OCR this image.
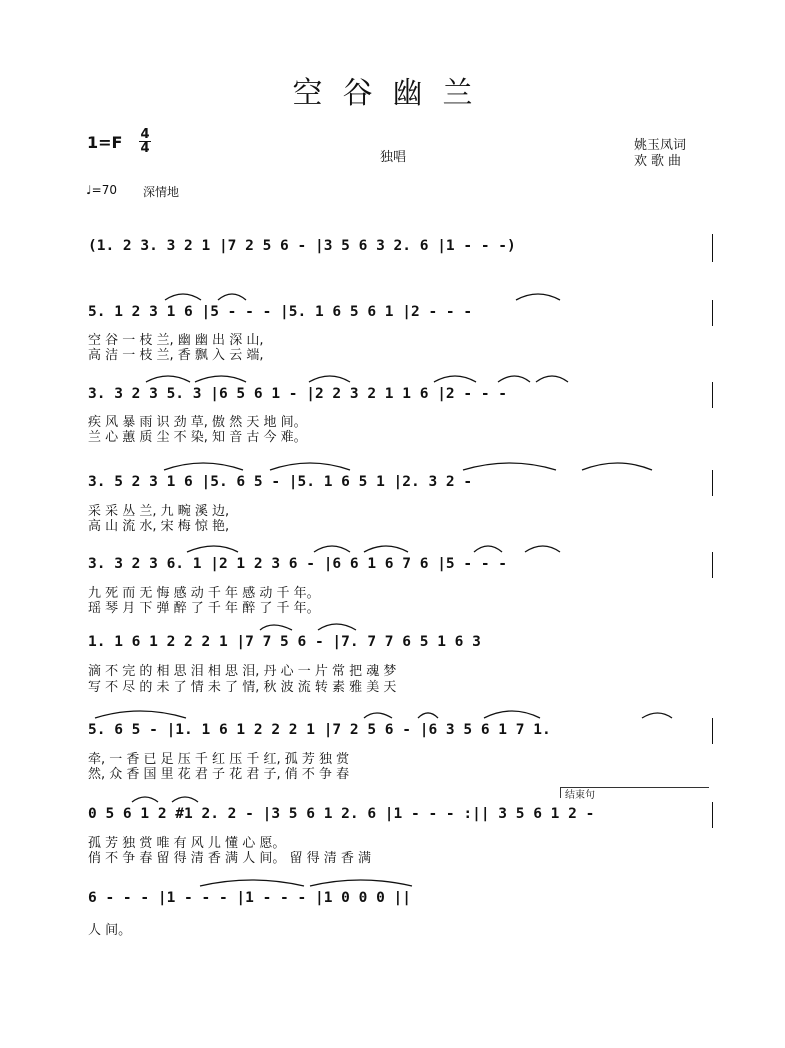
空谷幽兰
1=F 4
4
独唱
姚玉凤词
欢歌曲
♩=70 深情地
(1. 2 3. 3 2 1 |7 2 5 6 - |3 5 6 3 2. 6 |1 - - -)
5. 1 2 3 1 6 |5 - - - |5. 1 6 5 6 1 |2 - - -
空 谷 一 枝 兰, 幽 幽 出 深 山,
高 洁 一 枝 兰, 香 飘 入 云 端,
3. 3 2 3 5. 3 |6 5 6 1 - |2 2 3 2 1 1 6 |2 - - -
疾 风 暴 雨 识 劲 草, 傲 然 天 地 间。
兰 心 蕙 质 尘 不 染, 知 音 古 今 难。
3. 5 2 3 1 6 |5. 6 5 - |5. 1 6 5 1 |2. 3 2 -
采 采 丛 兰, 九 畹 溪 边,
高 山 流 水, 宋 梅 惊 艳,
3. 3 2 3 6. 1 |2 1 2 3 6 - |6 6 1 6 7 6 |5 - - -
九 死 而 无 悔 感 动 千 年 感 动 千 年。
瑶 琴 月 下 弹 醉 了 千 年 醉 了 千 年。
1. 1 6 1 2 2 2 1 |7 7 5 6 - |7. 7 7 6 5 1 6 3
滴 不 完 的 相 思 泪 相 思 泪, 丹 心 一 片 常 把 魂 梦
写 不 尽 的 未 了 情 未 了 情, 秋 波 流 转 素 雅 美 天
5. 6 5 - |1. 1 6 1 2 2 2 1 |7 2 5 6 - |6 3 5 6 1 7 1.
牵, 一 香 已 足 压 千 红 压 千 红, 孤 芳 独 赏
然, 众 香 国 里 花 君 子 花 君 子, 俏 不 争 春
结束句
0 5 6 1 2 #1 2. 2 - |3 5 6 1 2. 6 |1 - - - :|| 3 5 6 1 2 -
孤 芳 独 赏 唯 有 风 儿 懂 心 愿。
俏 不 争 春 留 得 清 香 满 人 间。 留 得 清 香 满
6 - - - |1 - - - |1 - - - |1 0 0 0 ||
人 间。
